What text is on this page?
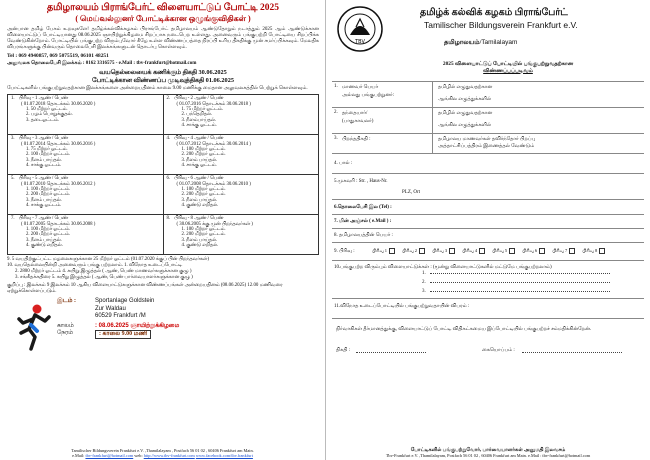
தமிழாலயம் பிராங்பேர்ட் விளையாட்டுப் போட்டி 2025
( மெய்வல்லுனர் போட்டிக்கான ஒழுங்குவிதிகள் )
அன்பான தமிழ் பேசும் உறவுகளே! தமிழ்க்கல்விக்கழகம் பிராங்பேர்ட் தமிழாலயம் ஆண்டுதோறும் நடாத்தும் 2025 ஆம் ஆண்டுக்கான விளையாட்டுப் போட்டியானது 08.06.2025 ஞாயிற்றுக்கிழமை சிறப்பாக நடைபெற உள்ளது. அனைவரும் பங்குபற்றி போட்டியை சிறப்பிக்க வேண்டுகின்றோம். போட்டியில் பங்குபற்ற விரும்புவோர் கீழே உள்ள விண்ணப்பத்தை நிரப்பி உரிய திகதிக்கு முன் சமர்ப்பிக்கவும். மேலதிக விபரங்களுக்கு பின்வரும் தொலைபேசி இலக்கங்களுடன் தொடர்பு கொள்ளவும்.
Tel : 069 4940857, 069 5075519, 06101 48251
அலுவலக தொலைபேசி இலக்கம் : 0162 3316575 - e.Mail : tbv-frankfurt@hotmail.com
வயதெல்லையைக் கணிக்கும் திகதி 30.06.2025
போட்டிக்கான விண்ணப்ப முடிவுத்திகதி 01.06.2025
போட்டிகளில் பங்குபற்றுவதற்கான இலக்கங்களை அன்றையதினம் காலை 9.00 மணிக்கு மைதான அலுவலகத்தில் பெற்றுக் கொள்ளவும்.
1. பிரிவு - 1 ஆண் / பெண்
( 01.07.2018 தொடக்கம் 30.06.2020 )
1. 50 மீற்றர் ஓட்டம்.
2. பழம் பொறுக்குதல்.
3. தடைஓட்டம்.
2. பிரிவு - 2 ஆண் / பெண்
( 01.07.2016 தொடக்கம் 30.06.2018 )
1. 75 மீற்றர் ஓட்டம்.
2. பந்தெறிதல்.
3. நீளம்பாய்தல்.
4. சாக்கு ஓட்டம்.
3. பிரிவு - 3 ஆண் / பெண்
( 01.07.2014 தொடக்கம் 30.06.2016 )
1. 75 மீற்றர் ஓட்டம்.
2. 100 மீற்றர் ஓட்டம்.
3. நீளம் பாய்தல்.
4. சாக்கு ஓட்டம்.
4. பிரிவு - 4 ஆண் / பெண்
( 01.07.2012 தொடக்கம் 30.06.2014 )
1. 100 மீற்றர் ஓட்டம்.
2. 200 மீற்றர் ஓட்டம்.
3. நீளம் பாய்தல்.
4. சாக்கு ஓட்டம்.
5. பிரிவு - 5 ஆண் / பெண்
( 01.07.2010 தொடக்கம் 30.06.2012 )
1. 100 மீற்றர் ஓட்டம்.
2. 200 மீற்றர் ஓட்டம்.
3. நீளம் பாய்தல்.
4. சாக்கு ஓட்டம்.
6. பிரிவு - 6 ஆண் / பெண்
( 01.07.2008 தொடக்கம் 30.06.2010 )
1. 100 மீற்றர் ஓட்டம்.
2. 200 மீற்றர் ஓட்டம்.
3. நீளம் பாய்தல்.
4. குண்டு எறிதல்.
7. பிரிவு - 7 ஆண் / பெண்
( 01.07.2005 தொடக்கம் 30.06.2008 )
1. 100 மீற்றர் ஓட்டம்.
2. 200 மீற்றர் ஓட்டம்.
3. நீளம் பாய்தல்.
4. குண்டு எறிதல்.
8. பிரிவு - 8 ஆண் / பெண்
( 30.06.2005 க்கு முன் பிறந்தவர்கள் )
1. 100 மீற்றர் ஓட்டம்.
2. 200 மீற்றர் ஓட்டம்.
3. நீளம் பாய்தல்.
4. குண்டு எறிதல்.
9. 5 வயதிற்குட்பட்ட மழலைகளுக்கான 25 மீற்றர் ஓட்டம் (01.07.2020 க்குப் பின் பிறந்தவர்கள்)
10. வயதெல்லையின்றி அனைவரும் பங்கு பற்றலாம். 1. விநோத உடைப்போட்டி
2. 2800 மீற்றர் ஓட்டம் 4. கயிறு இழுத்தல் ( ஆண், பெண் மாணவர்களுக்கான குழு )
3. சங்கீதக்கதிரை 5. கயிறு இழுத்தல் ( ஆண், பெண் பார்வையாளர்களுக்கான குழு )
குறிப்பு : இலக்கம் 9 இலக்கம் 10 ஆகிய விளையாட்டுகளுக்கான விண்ணப்பங்கள் அன்றையதினம் (08.06.2025) 12.00 மணிவரை ஏற்றுக்கொள்ளப்படும்.
இடம் :	Sportanlage Goldstein
Zur Waldau
60529 Frankfurt /M
காலம்	: 08.06.2025 ஞாயிற்றுக்கிழமை
நேரம்	: காலை 9.00 மணி
Tamilischer Bildungsverein Frankfurt e.V. ,Thamilalayam , Postfach 56 01 02 , 60406 Frankfurt am Main.
e.Mail: tbv-frankfurt@hotmail.com web: http://www.tbv-frankfurt.com www.facebook.com/tbv.frankfurt
TBV
தமிழ்க் கல்விக் கழகம் பிராங்பேர்ட்
Tamilischer Bildungsverein Frankfurt e.V.
தமிழாலயம்/Tamilalayam
2025 விளையாட்டுப் போட்டியில் பங்குபற்றுவதற்கான
விண்ணப்பப்படிவம்
1. மாணவர் பெயர்
அல்லது பங்குபற்றுனர்:
தமிழில் எழுதுவதற்கான
ஆங்கில எழுத்துக்களில்
2. தந்தையார்/
(பாதுகாவலர்)
தமிழில் எழுதுவதற்கான
ஆங்கில எழுத்துக்களில்
3. பிறந்ததிகதி :	தமிழாலய மாணவர்கள் தவிர்ந்தோர் பிறப்பு
அத்தாட்சிப்பத்திரம் இணைத்தல் வேண்டும்
4. பால் :
5.முகவரி : Str. , Haus-Nr.
PLZ, Ort
6.தொலைபேசி இல (Tel) :
7. மின் அஞ்சல் ( e.Mail ) :
8. தமிழாலயத்தின் பெயர் :
9. பிரிவு :	பிரிவு 1	பிரிவு 2	பிரிவு 3	பிரிவு 4	பிரிவு 5	பிரிவு 6	பிரிவு 7	பிரிவு 8
10.பங்குபற்ற விரும்பும் விளையாட்டுக்கள் : (மூன்று விளையாட்டுகளில் மட்டுமே பங்குபற்றலாம்)
1.
2.
3.
11.விநோத உடைப்போட்டியில் பங்குபற்றுவதாயின் விபரம் :
நிர்வாகிகள் தீர்மானத்துக்கு, விளையாட்டுப் போட்டி விதிகட்கமைய இப்போட்டியில் பங்குபற்றச் சம்மதிக்கின்றேன்.
திகதி :	கையொப்பம் :
போட்டிகளில் பங்குபற்றுவோர், பார்வையாளர்கள் அனுமதி இலவசம்
Tbv-Frankfurt e.V. ,Thamilalayam, Postfach 56 01 02 , 60406 Frankfurt am Main. e.Mail : tbv-frankfurt@hotmail.com
